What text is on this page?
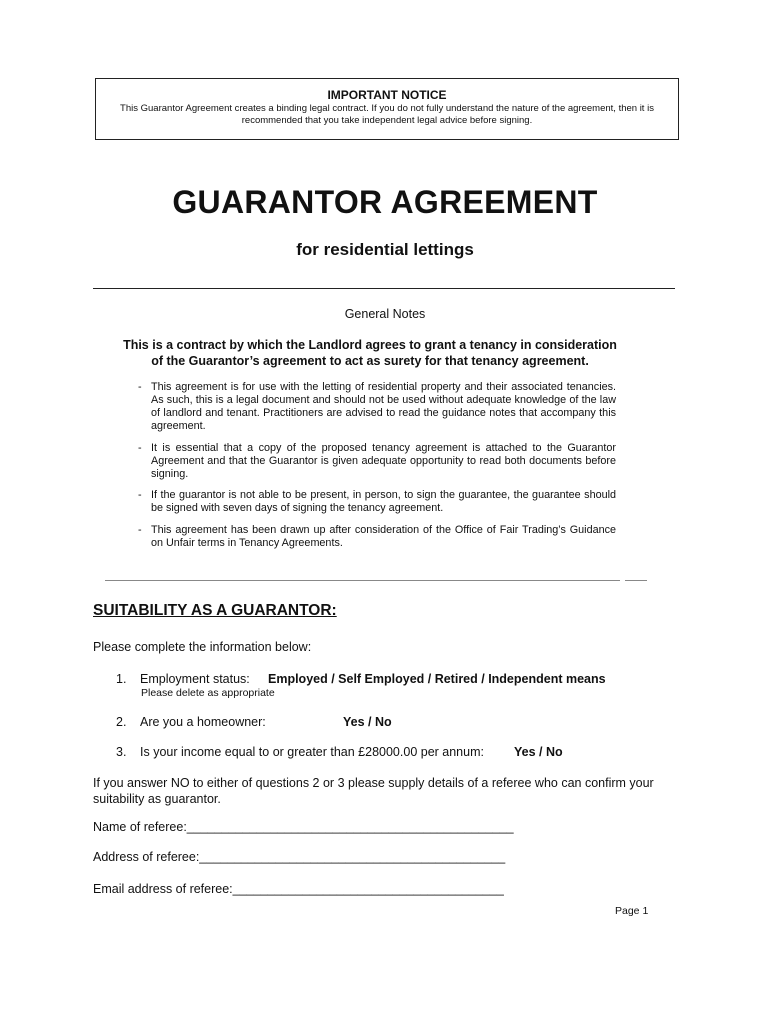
IMPORTANT NOTICE
This Guarantor Agreement creates a binding legal contract. If you do not fully understand the nature of the agreement, then it is recommended that you take independent legal advice before signing.
GUARANTOR AGREEMENT
for residential lettings
General Notes
This is a contract by which the Landlord agrees to grant a tenancy in consideration
of the Guarantor’s agreement to act as surety for that tenancy agreement.
- This agreement is for use with the letting of residential property and their associated tenancies. As such, this is a legal document and should not be used without adequate knowledge of the law of landlord and tenant. Practitioners are advised to read the guidance notes that accompany this agreement.
- It is essential that a copy of the proposed tenancy agreement is attached to the Guarantor Agreement and that the Guarantor is given adequate opportunity to read both documents before signing.
- If the guarantor is not able to be present, in person, to sign the guarantee, the guarantee should be signed with seven days of signing the tenancy agreement.
- This agreement has been drawn up after consideration of the Office of Fair Trading’s Guidance on Unfair terms in Tenancy Agreements.
SUITABILITY AS A GUARANTOR:
Please complete the information below:
1. Employment status: Employed / Self Employed / Retired / Independent means
Please delete as appropriate
2. Are you a homeowner:	Yes / No
3. Is your income equal to or greater than £28000.00 per annum: Yes / No
If you answer NO to either of questions 2 or 3 please supply details of a referee who can confirm your suitability as guarantor.
Name of referee:_______________________________________________
Address of referee:____________________________________________
Email address of referee:_______________________________________
Page 1
